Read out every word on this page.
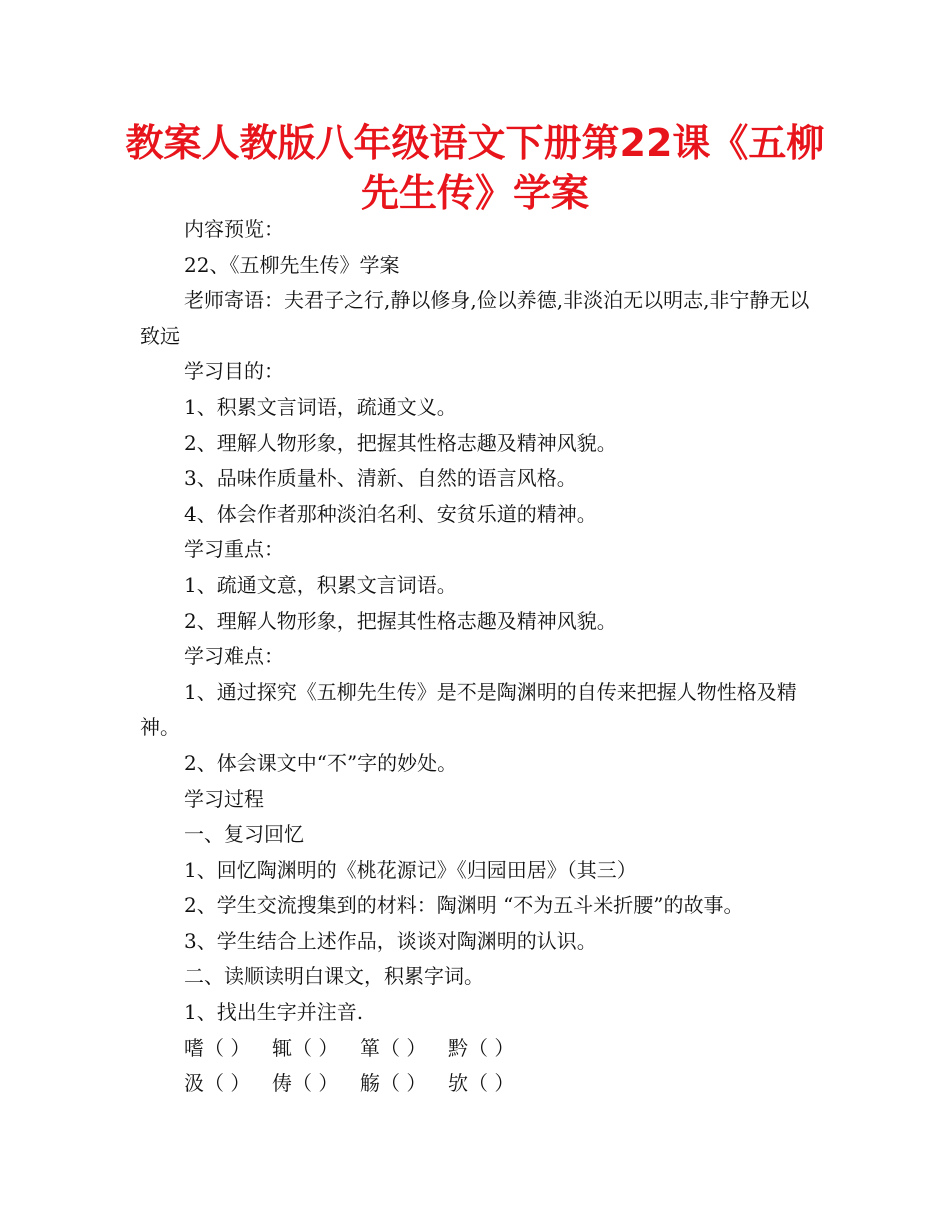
教案人教版八年级语文下册第22课《五柳先生传》学案
内容预览：
22、《五柳先生传》学案
老师寄语：夫君子之行,静以修身,俭以养德,非淡泊无以明志,非宁静无以致远
学习目的：
1、积累文言词语，疏通文义。
2、理解人物形象，把握其性格志趣及精神风貌。
3、品味作质量朴、清新、自然的语言风格。
4、体会作者那种淡泊名利、安贫乐道的精神。
学习重点：
1、疏通文意，积累文言词语。
2、理解人物形象，把握其性格志趣及精神风貌。
学习难点：
1、通过探究《五柳先生传》是不是陶渊明的自传来把握人物性格及精神。
2、体会课文中“不”字的妙处。
学习过程
一、复习回忆
1、回忆陶渊明的《桃花源记》《归园田居》（其三）
2、学生交流搜集到的材料：陶渊明 “不为五斗米折腰”的故事。
3、学生结合上述作品，谈谈对陶渊明的认识。
二、读顺读明白课文，积累字词。
1、找出生字并注音.
嗜（ ） 辄（ ） 箪（ ） 黔（ ）
汲（ ） 俦（ ） 觞（ ） 欤（ ）
